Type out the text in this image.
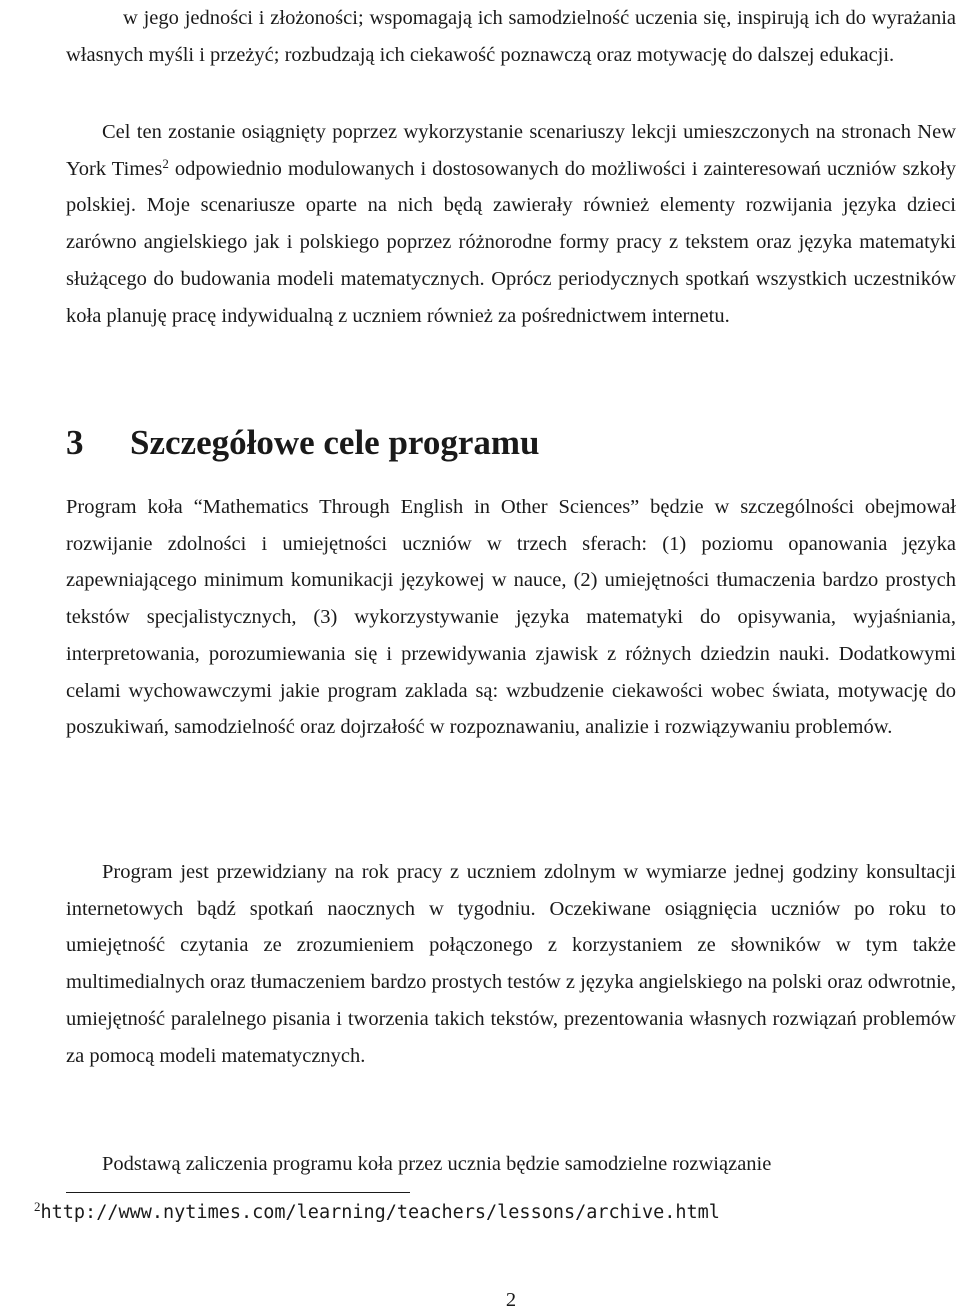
w jego jedności i złożoności; wspomagają ich samodzielność uczenia się, inspirują ich do wyrażania własnych myśli i przeżyć; rozbudzają ich ciekawość poznawczą oraz motywację do dalszej edukacji.

Cel ten zostanie osiągnięty poprzez wykorzystanie scenariuszy lekcji umieszczonych na stronach New York Times$^2$ odpowiednio modulowanych i dostosowanych do możliwości i zainteresowań uczniów szkoły polskiej. Moje scenariusze oparte na nich będą zawierały również elementy rozwijania języka dzieci zarówno angielskiego jak i polskiego poprzez różnorodne formy pracy z tekstem oraz języka matematyki służącego do budowania modeli matematycznych. Oprócz periodycznych spotkań wszystkich uczestników koła planuję pracę indywidualną z uczniem również za pośrednictwem internetu.

3 Szczegółowe cele programu

Program koła “Mathematics Through English in Other Sciences” będzie w szczególności obejmował rozwijanie zdolności i umiejętności uczniów w trzech sferach: (1) poziomu opanowania języka zapewniającego minimum komunikacji językowej w nauce, (2) umiejętności tłumaczenia bardzo prostych tekstów specjalistycznych, (3) wykorzystywanie języka matematyki do opisywania, wyjaśniania, interpretowania, porozumiewania się i przewidywania zjawisk z różnych dziedzin nauki. Dodatkowymi celami wychowawczymi jakie program zaklada są: wzbudzenie ciekawości wobec świata, motywację do poszukiwań, samodzielność oraz dojrzałość w rozpoznawaniu, analizie i rozwiązywaniu problemów.

Program jest przewidziany na rok pracy z uczniem zdolnym w wymiarze jednej godziny konsultacji internetowych bądź spotkań naocznych w tygodniu. Oczekiwane osiągnięcia uczniów po roku to umiejętność czytania ze zrozumieniem połączonego z korzystaniem ze słowników w tym także multimedialnych oraz tłumaczeniem bardzo prostych testów z języka angielskiego na polski oraz odwrotnie, umiejętność paralelnego pisania i tworzenia takich tekstów, prezentowania własnych rozwiązań problemów za pomocą modeli matematycznych.

Podstawą zaliczenia programu koła przez ucznia będzie samodzielne rozwiązanie

$^2$http://www.nytimes.com/learning/teachers/lessons/archive.html
2
